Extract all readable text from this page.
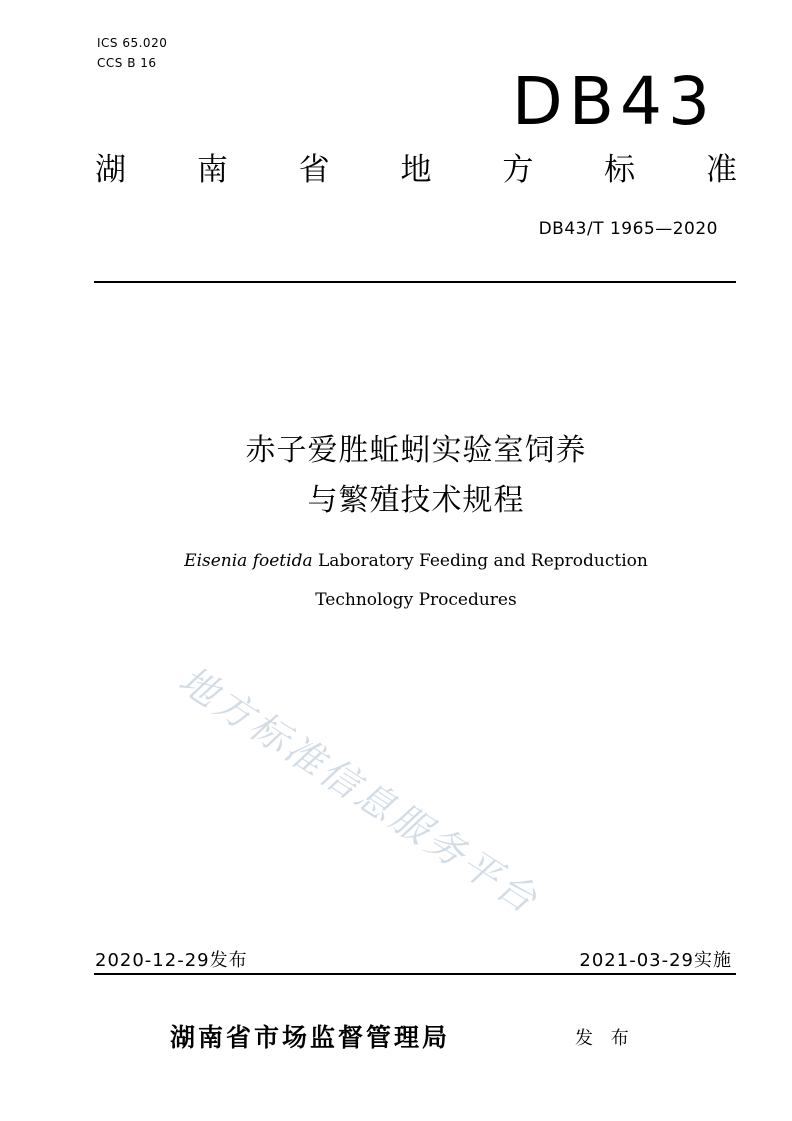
ICS 65.020
CCS B 16	DB43
湖 南 省 地 方 标 准
DB43/T 1965—2020
赤子爱胜蚯蚓实验室饲养
与繁殖技术规程
Eisenia foetida Laboratory Feeding and Reproduction
Technology Procedures
地方标准信息服务平台
2020-12-29发布	2021-03-29实施
湖南省市场监督管理局	发 布
